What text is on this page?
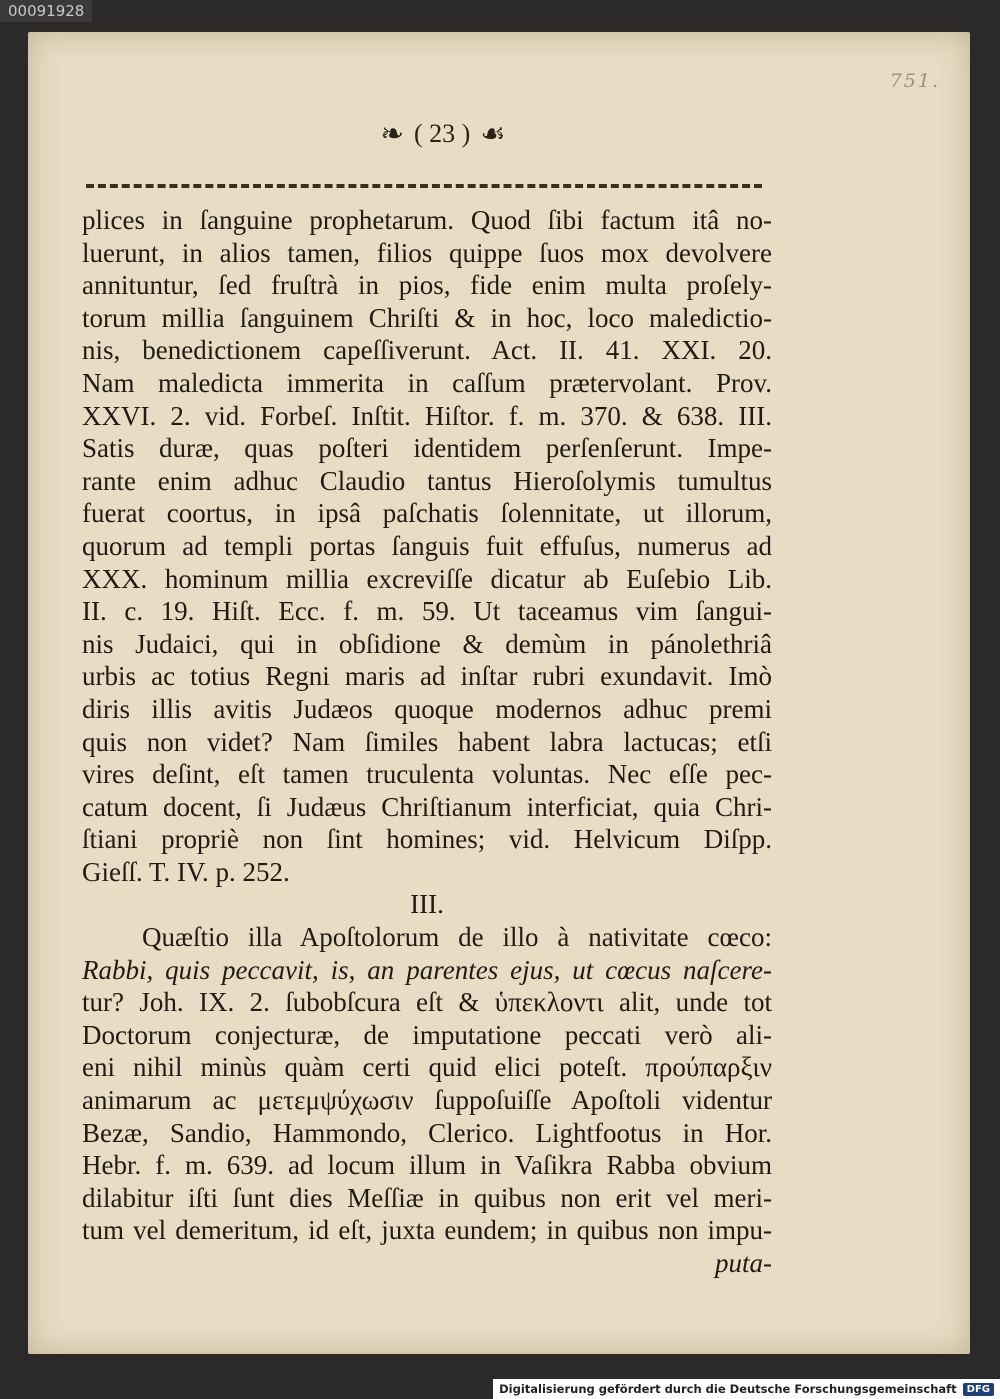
00091928
751.
❧ ( 23 ) ☙
plices in ſanguine prophetarum. Quod ſibi factum itâ no-
luerunt, in alios tamen, filios quippe ſuos mox devolvere
annituntur, ſed fruſtrà in pios, fide enim multa proſely-
torum millia ſanguinem Chriſti & in hoc, loco maledictio-
nis, benedictionem capeſſiverunt. Act. II. 41. XXI. 20.
Nam maledicta immerita in caſſum prætervolant. Prov.
XXVI. 2. vid. Forbeſ. Inſtit. Hiſtor. f. m. 370. & 638. III.
Satis duræ, quas poſteri identidem perſenſerunt. Impe-
rante enim adhuc Claudio tantus Hieroſolymis tumultus
fuerat coortus, in ipsâ paſchatis ſolennitate, ut illorum,
quorum ad templi portas ſanguis fuit effuſus, numerus ad
XXX. hominum millia excreviſſe dicatur ab Euſebio Lib.
II. c. 19. Hiſt. Ecc. f. m. 59. Ut taceamus vim ſangui-
nis Judaici, qui in obſidione & demùm in pánolethriâ
urbis ac totius Regni maris ad inſtar rubri exundavit. Imò
diris illis avitis Judæos quoque modernos adhuc premi
quis non videt? Nam ſimiles habent labra lactucas; etſi
vires deſint, eſt tamen truculenta voluntas. Nec eſſe pec-
catum docent, ſi Judæus Chriſtianum interficiat, quia Chri-
ſtiani propriè non ſint homines; vid. Helvicum Diſpp.
Gieſſ. T. IV. p. 252.
III.
Quæſtio illa Apoſtolorum de illo à nativitate cœco:
Rabbi, quis peccavit, is, an parentes ejus, ut cœcus naſcere-
tur? Joh. IX. 2. ſubobſcura eſt & ὑπεκλοντι alit, unde tot
Doctorum conjecturæ, de imputatione peccati verò ali-
eni nihil minùs quàm certi quid elici poteſt. προύπαρξιν
animarum ac μετεμψύχωσιν ſuppoſuiſſe Apoſtoli videntur
Bezæ, Sandio, Hammondo, Clerico. Lightfootus in Hor.
Hebr. f. m. 639. ad locum illum in Vaſikra Rabba obvium
dilabitur iſti ſunt dies Meſſiæ in quibus non erit vel meri-
tum vel demeritum, id eſt, juxta eundem; in quibus non impu-
puta-
Digitalisierung gefördert durch die Deutsche Forschungsgemeinschaft	DFG
